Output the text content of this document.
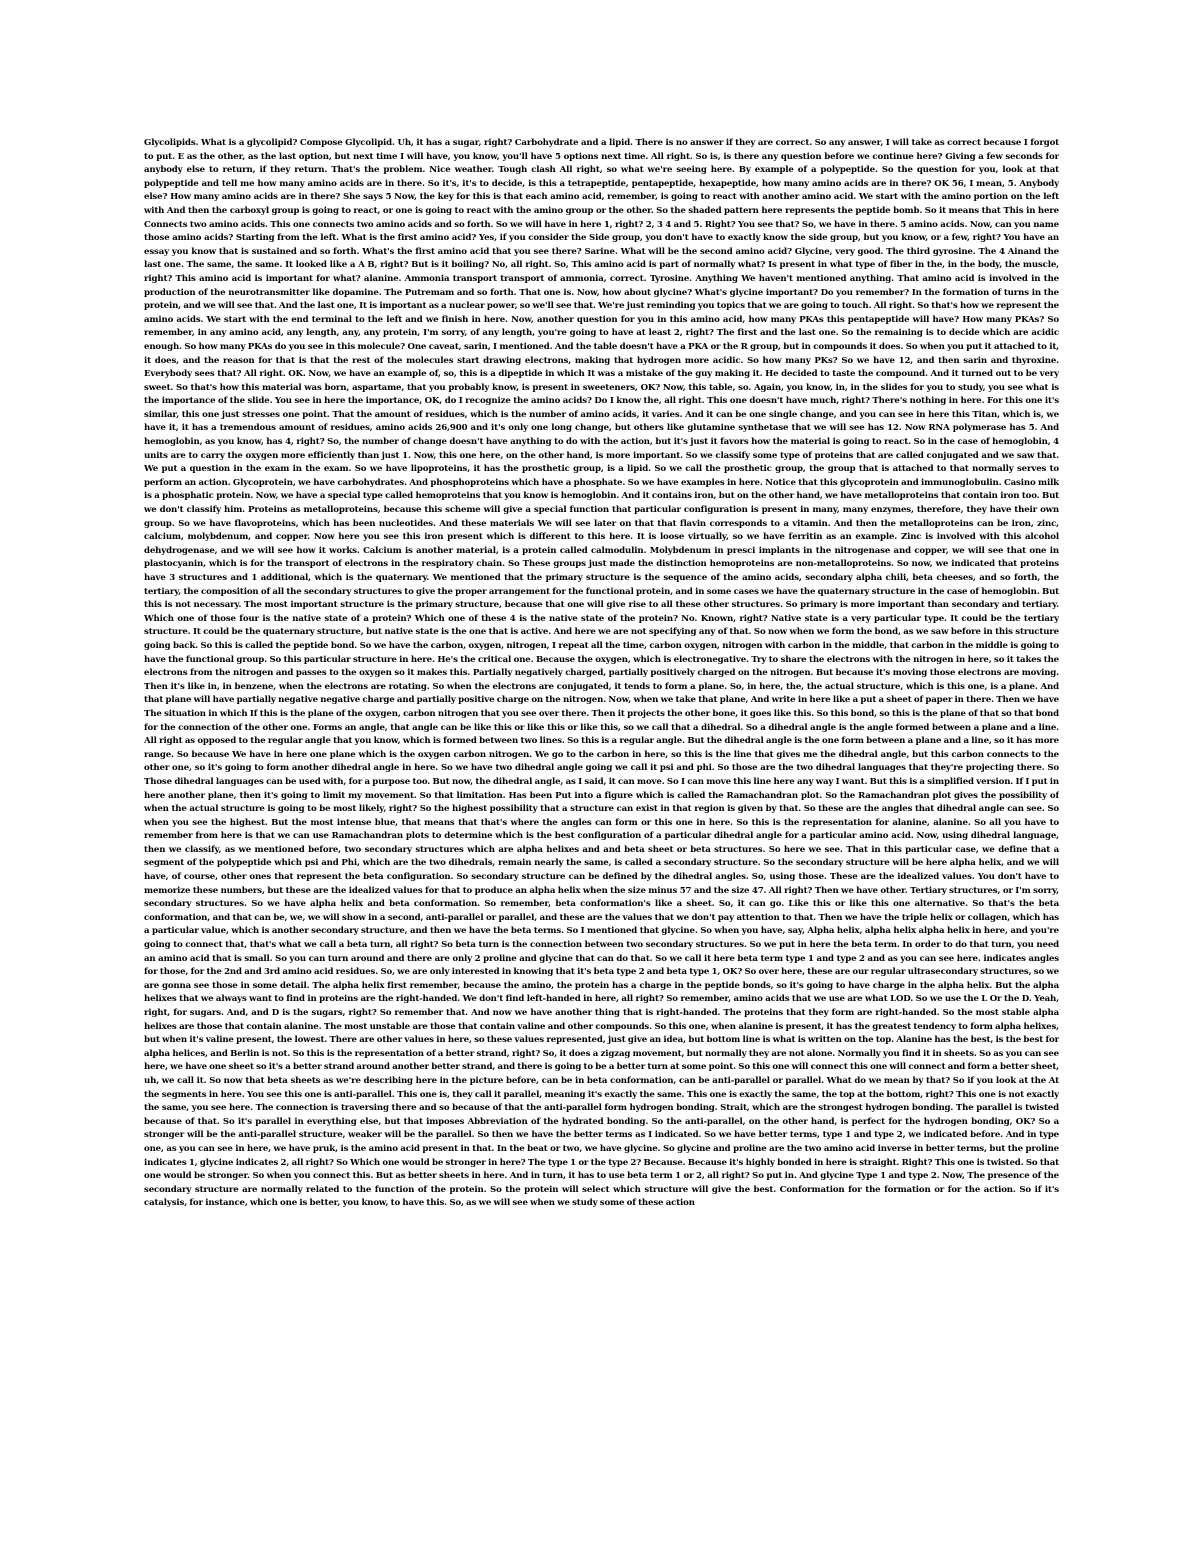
Glycolipids. What is a glycolipid? Compose Glycolipid. Uh, it has a sugar, right? Carbohydrate and a lipid. There is no answer if they are correct. So any answer, I will take as correct because I forgot to put. E as the other, as the last option, but next time I will have, you know, you'll have 5 options next time. All right. So is, is there any question before we continue here? Giving a few seconds for anybody else to return, if they return. That's the problem. Nice weather. Tough clash All right, so what we're seeing here. By example of a polypeptide. So the question for you, look at that polypeptide and tell me how many amino acids are in there. So it's, it's to decide, is this a tetrapeptide, pentapeptide, hexapeptide, how many amino acids are in there? OK 56, I mean, 5. Anybody else? How many amino acids are in there? She says 5 Now, the key for this is that each amino acid, remember, is going to react with another amino acid. We start with the amino portion on the left with And then the carboxyl group is going to react, or one is going to react with the amino group or the other. So the shaded pattern here represents the peptide bomb. So it means that This in here Connects two amino acids. This one connects two amino acids and so forth. So we will have in here 1, right? 2, 3 4 and 5. Right? You see that? So, we have in there. 5 amino acids. Now, can you name those amino acids? Starting from the left. What is the first amino acid? Yes, if you consider the Side group, you don't have to exactly know the side group, but you know, or a few, right? You have an essay you know that is sustained and so forth. What's the first amino acid that you see there? Sarine. What will be the second amino acid? Glycine, very good. The third gyrosine. The 4 Ainand the last one. The same, the same. It looked like a A B, right? But is it boiling? No, all right. So, This amino acid is part of normally what? Is present in what type of fiber in the, in the body, the muscle, right? This amino acid is important for what? alanine. Ammonia transport transport of ammonia, correct. Tyrosine. Anything We haven't mentioned anything. That amino acid is involved in the production of the neurotransmitter like dopamine. The Putremam and so forth. That one is. Now, how about glycine? What's glycine important? Do you remember? In the formation of turns in the protein, and we will see that. And the last one, It is important as a nuclear power, so we'll see that. We're just reminding you topics that we are going to touch. All right. So that's how we represent the amino acids. We start with the end terminal to the left and we finish in here. Now, another question for you in this amino acid, how many PKAs this pentapeptide will have? How many PKAs? So remember, in any amino acid, any length, any, any protein, I'm sorry, of any length, you're going to have at least 2, right? The first and the last one. So the remaining is to decide which are acidic enough. So how many PKAs do you see in this molecule? One caveat, sarin, I mentioned. And the table doesn't have a PKA or the R group, but in compounds it does. So when you put it attached to it, it does, and the reason for that is that the rest of the molecules start drawing electrons, making that hydrogen more acidic. So how many PKs? So we have 12, and then sarin and thyroxine. Everybody sees that? All right. OK. Now, we have an example of, so, this is a dipeptide in which It was a mistake of the guy making it. He decided to taste the compound. And it turned out to be very sweet. So that's how this material was born, aspartame, that you probably know, is present in sweeteners, OK? Now, this table, so. Again, you know, in, in the slides for you to study, you see what is the importance of the slide. You see in here the importance, OK, do I recognize the amino acids? Do I know the, all right. This one doesn't have much, right? There's nothing in here. For this one it's similar, this one just stresses one point. That the amount of residues, which is the number of amino acids, it varies. And it can be one single change, and you can see in here this Titan, which is, we have it, it has a tremendous amount of residues, amino acids 26,900 and it's only one long change, but others like glutamine synthetase that we will see has 12. Now RNA polymerase has 5. And hemoglobin, as you know, has 4, right? So, the number of change doesn't have anything to do with the action, but it's just it favors how the material is going to react. So in the case of hemoglobin, 4 units are to carry the oxygen more efficiently than just 1. Now, this one here, on the other hand, is more important. So we classify some type of proteins that are called conjugated and we saw that. We put a question in the exam in the exam. So we have lipoproteins, it has the prosthetic group, is a lipid. So we call the prosthetic group, the group that is attached to that normally serves to perform an action. Glycoprotein, we have carbohydrates. And phosphoproteins which have a phosphate. So we have examples in here. Notice that this glycoprotein and immunoglobulin. Casino milk is a phosphatic protein. Now, we have a special type called hemoproteins that you know is hemoglobin. And it contains iron, but on the other hand, we have metalloproteins that contain iron too. But we don't classify him. Proteins as metalloproteins, because this scheme will give a special function that particular configuration is present in many, many enzymes, therefore, they have their own group. So we have flavoproteins, which has been nucleotides. And these materials We will see later on that that flavin corresponds to a vitamin. And then the metalloproteins can be iron, zinc, calcium, molybdenum, and copper. Now here you see this iron present which is different to this here. It is loose virtually, so we have ferritin as an example. Zinc is involved with this alcohol dehydrogenase, and we will see how it works. Calcium is another material, is a protein called calmodulin. Molybdenum in presci implants in the nitrogenase and copper, we will see that one in plastocyanin, which is for the transport of electrons in the respiratory chain. So These groups just made the distinction hemoproteins are non-metalloproteins. So now, we indicated that proteins have 3 structures and 1 additional, which is the quaternary. We mentioned that the primary structure is the sequence of the amino acids, secondary alpha chili, beta cheeses, and so forth, the tertiary, the composition of all the secondary structures to give the proper arrangement for the functional protein, and in some cases we have the quaternary structure in the case of hemoglobin. But this is not necessary. The most important structure is the primary structure, because that one will give rise to all these other structures. So primary is more important than secondary and tertiary. Which one of those four is the native state of a protein? Which one of these 4 is the native state of the protein? No. Known, right? Native state is a very particular type. It could be the tertiary structure. It could be the quaternary structure, but native state is the one that is active. And here we are not specifying any of that. So now when we form the bond, as we saw before in this structure going back. So this is called the peptide bond. So we have the carbon, oxygen, nitrogen, I repeat all the time, carbon oxygen, nitrogen with carbon in the middle, that carbon in the middle is going to have the functional group. So this particular structure in here. He's the critical one. Because the oxygen, which is electronegative. Try to share the electrons with the nitrogen in here, so it takes the electrons from the nitrogen and passes to the oxygen so it makes this. Partially negatively charged, partially positively charged on the nitrogen. But because it's moving those electrons are moving. Then it's like in, in benzene, when the electrons are rotating. So when the electrons are conjugated, it tends to form a plane. So, in here, the, the actual structure, which is this one, is a plane. And that plane will have partially negative negative charge and partially positive charge on the nitrogen. Now, when we take that plane, And write in here like a put a sheet of paper in there. Then we have The situation in which If this is the plane of the oxygen, carbon nitrogen that you see over there. Then it projects the other bone, it goes like this. So this bond, so this is the plane of that so that bond for the connection of the other one. Forms an angle, that angle can be like this or like this or like this, so we call that a dihedral. So a dihedral angle is the angle formed between a plane and a line. All right as opposed to the regular angle that you know, which is formed between two lines. So this is a regular angle. But the dihedral angle is the one form between a plane and a line, so it has more range. So because We have in here one plane which is the oxygen carbon nitrogen. We go to the carbon in here, so this is the line that gives me the dihedral angle, but this carbon connects to the other one, so it's going to form another dihedral angle in here. So we have two dihedral angle going we call it psi and phi. So those are the two dihedral languages that they're projecting there. So Those dihedral languages can be used with, for a purpose too. But now, the dihedral angle, as I said, it can move. So I can move this line here any way I want. But this is a simplified version. If I put in here another plane, then it's going to limit my movement. So that limitation. Has been Put into a figure which is called the Ramachandran plot. So the Ramachandran plot gives the possibility of when the actual structure is going to be most likely, right? So the highest possibility that a structure can exist in that region is given by that. So these are the angles that dihedral angle can see. So when you see the highest. But the most intense blue, that means that that's where the angles can form or this one in here. So this is the representation for alanine, alanine. So all you have to remember from here is that we can use Ramachandran plots to determine which is the best configuration of a particular dihedral angle for a particular amino acid. Now, using dihedral language, then we classify, as we mentioned before, two secondary structures which are alpha helixes and and beta sheet or beta structures. So here we see. That in this particular case, we define that a segment of the polypeptide which psi and Phi, which are the two dihedrals, remain nearly the same, is called a secondary structure. So the secondary structure will be here alpha helix, and we will have, of course, other ones that represent the beta configuration. So secondary structure can be defined by the dihedral angles. So, using those. These are the idealized values. You don't have to memorize these numbers, but these are the idealized values for that to produce an alpha helix when the size minus 57 and the size 47. All right? Then we have other. Tertiary structures, or I'm sorry, secondary structures. So we have alpha helix and beta conformation. So remember, beta conformation's like a sheet. So, it can go. Like this or like this one alternative. So that's the beta conformation, and that can be, we, we will show in a second, anti-parallel or parallel, and these are the values that we don't pay attention to that. Then we have the triple helix or collagen, which has a particular value, which is another secondary structure, and then we have the beta terms. So I mentioned that glycine. So when you have, say, Alpha helix, alpha helix alpha helix in here, and you're going to connect that, that's what we call a beta turn, all right? So beta turn is the connection between two secondary structures. So we put in here the beta term. In order to do that turn, you need an amino acid that is small. So you can turn around and there are only 2 proline and glycine that can do that. So we call it here beta term type 1 and type 2 and as you can see here. indicates angles for those, for the 2nd and 3rd amino acid residues. So, we are only interested in knowing that it's beta type 2 and beta type 1, OK? So over here, these are our regular ultrasecondary structures, so we are gonna see those in some detail. The alpha helix first remember, because the amino, the protein has a charge in the peptide bonds, so it's going to have charge in the alpha helix. But the alpha helixes that we always want to find in proteins are the right-handed. We don't find left-handed in here, all right? So remember, amino acids that we use are what LOD. So we use the L Or the D. Yeah, right, for sugars. And, and D is the sugars, right? So remember that. And now we have another thing that is right-handed. The proteins that they form are right-handed. So the most stable alpha helixes are those that contain alanine. The most unstable are those that contain valine and other compounds. So this one, when alanine is present, it has the greatest tendency to form alpha helixes, but when it's valine present, the lowest. There are other values in here, so these values represented, just give an idea, but bottom line is what is written on the top. Alanine has the best, is the best for alpha helices, and Berlin is not. So this is the representation of a better strand, right? So, it does a zigzag movement, but normally they are not alone. Normally you find it in sheets. So as you can see here, we have one sheet so it's a better strand around another better strand, and there is going to be a better turn at some point. So this one will connect this one will connect and form a better sheet, uh, we call it. So now that beta sheets as we're describing here in the picture before, can be in beta conformation, can be anti-parallel or parallel. What do we mean by that? So if you look at the At the segments in here. You see this one is anti-parallel. This one is, they call it parallel, meaning it's exactly the same. This one is exactly the same, the top at the bottom, right? This one is not exactly the same, you see here. The connection is traversing there and so because of that the anti-parallel form hydrogen bonding. Strait, which are the strongest hydrogen bonding. The parallel is twisted because of that. So it's parallel in everything else, but that imposes Abbreviation of the hydrated bonding. So the anti-parallel, on the other hand, is perfect for the hydrogen bonding, OK? So a stronger will be the anti-parallel structure, weaker will be the parallel. So then we have the better terms as I indicated. So we have better terms, type 1 and type 2, we indicated before. And in type one, as you can see in here, we have pruk, is the amino acid present in that. In the beat or two, we have glycine. So glycine and proline are the two amino acid inverse in better terms, but the proline indicates 1, glycine indicates 2, all right? So Which one would be stronger in here? The type 1 or the type 2? Because. Because it's highly bonded in here is straight. Right? This one is twisted. So that one would be stronger. So when you connect this. But as better sheets in here. And in turn, it has to use beta term 1 or 2, all right? So put in. And glycine Type 1 and type 2. Now, The presence of the secondary structure are normally related to the function of the protein. So the protein will select which structure will give the best. Conformation for the formation or for the action. So if it's catalysis, for instance, which one is better, you know, to have this. So, as we will see when we study some of these action
